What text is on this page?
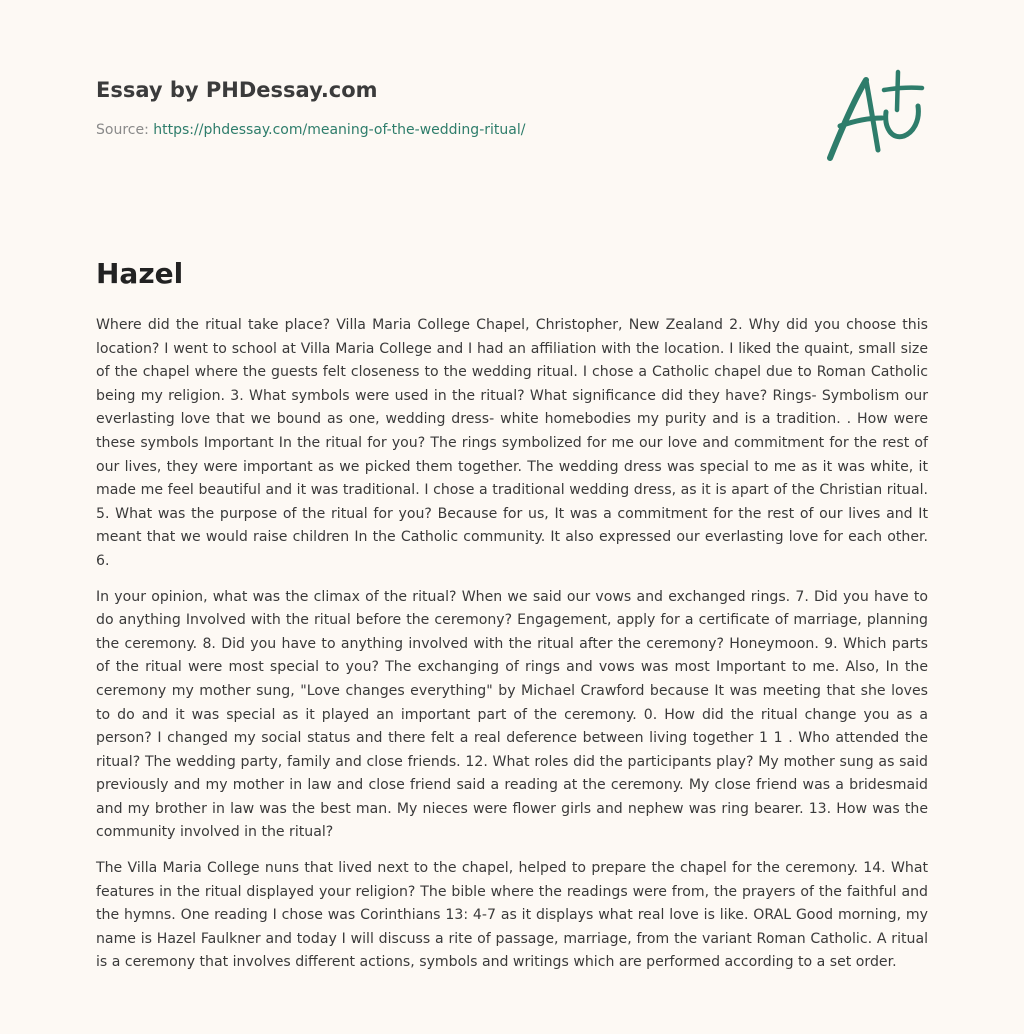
Essay by PHDessay.com
Source: https://phdessay.com/meaning-of-the-wedding-ritual/
Hazel

Where did the ritual take place? Villa Maria College Chapel, Christopher, New Zealand 2. Why did you choose this location? I went to school at Villa Maria College and I had an affiliation with the location. I liked the quaint, small size of the chapel where the guests felt closeness to the wedding ritual. I chose a Catholic chapel due to Roman Catholic being my religion. 3. What symbols were used in the ritual? What significance did they have? Rings- Symbolism our everlasting love that we bound as one, wedding dress- white homebodies my purity and is a tradition. . How were these symbols Important In the ritual for you? The rings symbolized for me our love and commitment for the rest of our lives, they were important as we picked them together. The wedding dress was special to me as it was white, it made me feel beautiful and it was traditional. I chose a traditional wedding dress, as it is apart of the Christian ritual. 5. What was the purpose of the ritual for you? Because for us, It was a commitment for the rest of our lives and It meant that we would raise children In the Catholic community. It also expressed our everlasting love for each other. 6.

In your opinion, what was the climax of the ritual? When we said our vows and exchanged rings. 7. Did you have to do anything Involved with the ritual before the ceremony? Engagement, apply for a certificate of marriage, planning the ceremony. 8. Did you have to anything involved with the ritual after the ceremony? Honeymoon. 9. Which parts of the ritual were most special to you? The exchanging of rings and vows was most Important to me. Also, In the ceremony my mother sung, "Love changes everything" by Michael Crawford because It was meeting that she loves to do and it was special as it played an important part of the ceremony. 0. How did the ritual change you as a person? I changed my social status and there felt a real deference between living together 1 1 . Who attended the ritual? The wedding party, family and close friends. 12. What roles did the participants play? My mother sung as said previously and my mother in law and close friend said a reading at the ceremony. My close friend was a bridesmaid and my brother in law was the best man. My nieces were flower girls and nephew was ring bearer. 13. How was the community involved in the ritual?

The Villa Maria College nuns that lived next to the chapel, helped to prepare the chapel for the ceremony. 14. What features in the ritual displayed your religion? The bible where the readings were from, the prayers of the faithful and the hymns. One reading I chose was Corinthians 13: 4-7 as it displays what real love is like. ORAL Good morning, my name is Hazel Faulkner and today I will discuss a rite of passage, marriage, from the variant Roman Catholic. A ritual is a ceremony that involves different actions, symbols and writings which are performed according to a set order.
